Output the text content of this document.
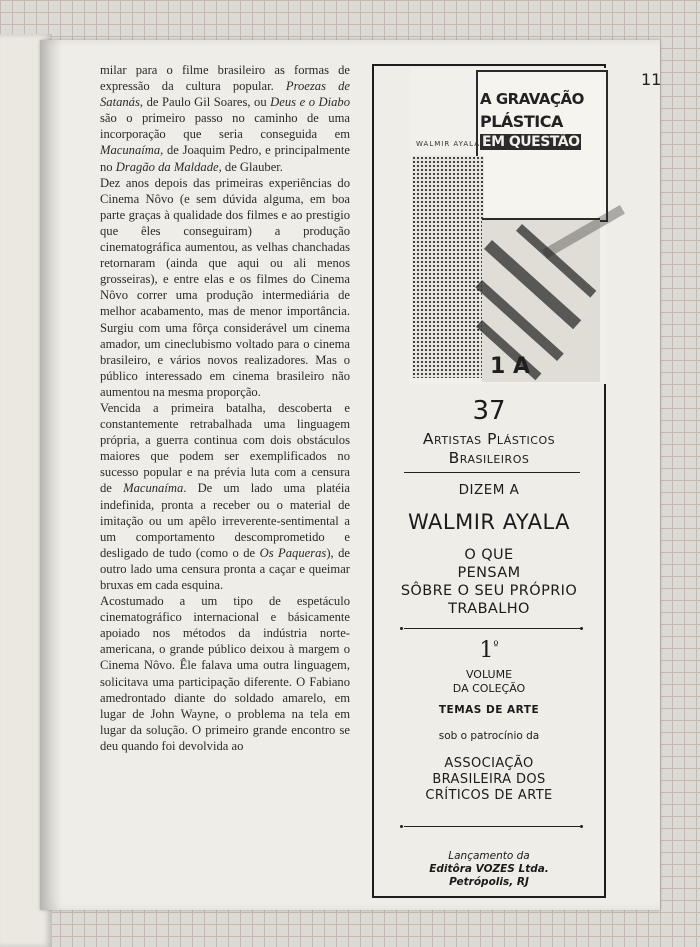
milar para o filme brasileiro as formas de expressão da cultura popular. Proezas de Satanás, de Paulo Gil Soares, ou Deus e o Diabo são o primeiro passo no caminho de uma incorporação que seria conseguida em Macunaíma, de Joaquim Pedro, e principalmente no Dragão da Maldade, de Glauber.

Dez anos depois das primeiras experiências do Cinema Nôvo (e sem dúvida alguma, em boa parte graças à qualidade dos filmes e ao prestigio que êles conseguiram) a produção cinematográfica aumentou, as velhas chanchadas retornaram (ainda que aqui ou ali menos grosseiras), e entre elas e os filmes do Cinema Nôvo correr uma produção intermediária de melhor acabamento, mas de menor importância. Surgiu com uma fôrça considerável um cinema amador, um cineclubismo voltado para o cinema brasileiro, e vários novos realizadores. Mas o público interessado em cinema brasileiro não aumentou na mesma proporção.

Vencida a primeira batalha, descoberta e constantemente retrabalhada uma linguagem própria, a guerra continua com dois obstáculos maiores que podem ser exemplificados no sucesso popular e na prévia luta com a censura de Macunaíma. De um lado uma platéia indefinida, pronta a receber ou o material de imitação ou um apêlo irreverente-sentimental a um comportamento descomprometido e desligado de tudo (como o de Os Paqueras), de outro lado uma censura pronta a caçar e queimar bruxas em cada esquina.

Acostumado a um tipo de espetáculo cinematográfico internacional e básicamente apoiado nos métodos da indústria norte-americana, o grande público deixou à margem o Cinema Nôvo. Êle falava uma outra linguagem, solicitava uma participação diferente. O Fabiano amedrontado diante do soldado amarelo, em lugar de John Wayne, o problema na tela em lugar da solução. O primeiro grande encontro se deu quando foi devolvida ao

11
A GRAVAÇÃO
PLÁSTICA
EM QUESTÃO
WALMIR AYALA
1 A
37
Artistas Plásticos
Brasileiros
DIZEM A
WALMIR AYALA
O QUE
PENSAM
SÔBRE O SEU PRÓPRIO
TRABALHO
$1^º$
VOLUME
DA COLEÇÃO
TEMAS DE ARTE
sob o patrocínio da
ASSOCIAÇÃO
BRASILEIRA DOS
CRÍTICOS DE ARTE
Lançamento da
Editôra VOZES Ltda.
Petrópolis, RJ
